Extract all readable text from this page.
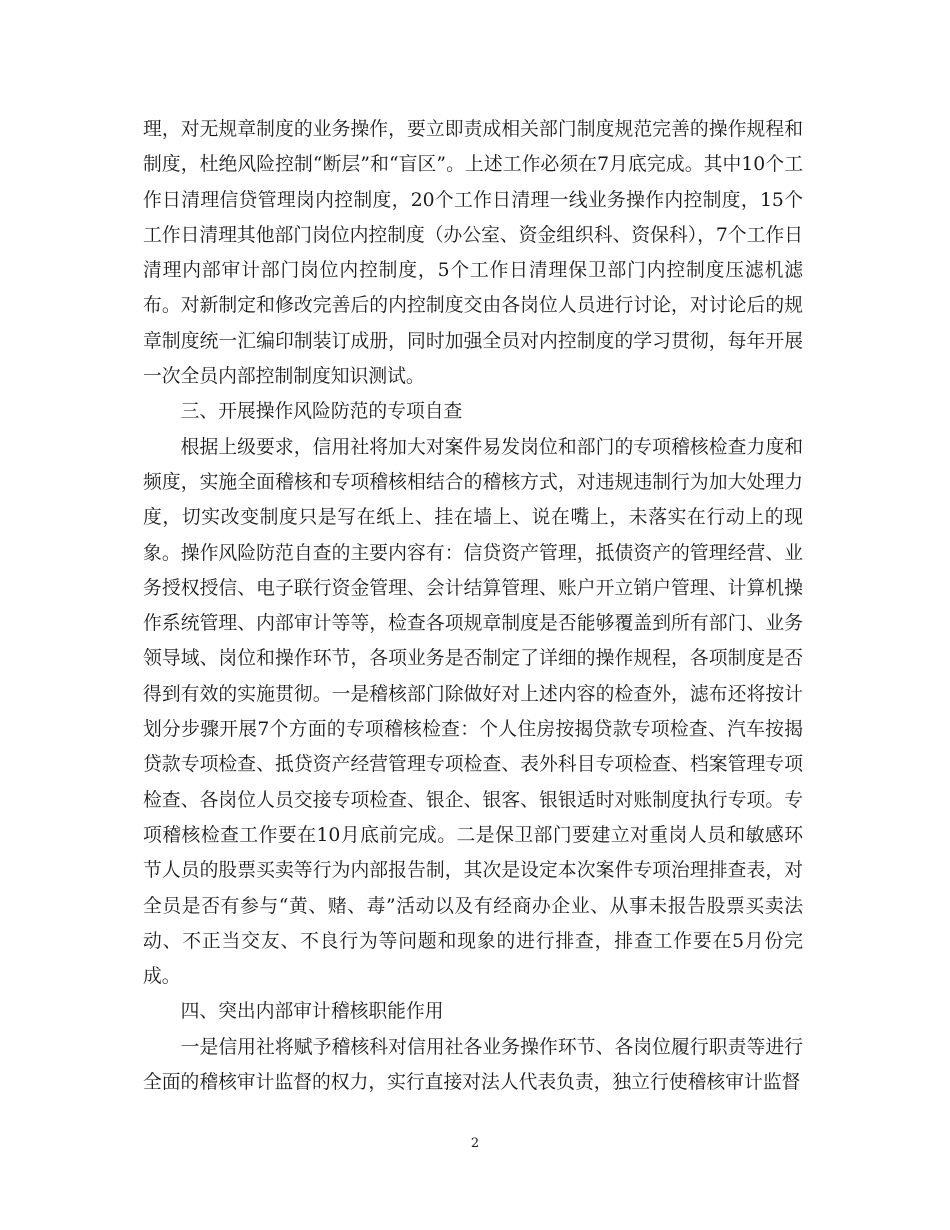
理，对无规章制度的业务操作，要立即责成相关部门制度规范完善的操作规程和制度，杜绝风险控制“断层”和“盲区”。上述工作必须在7月底完成。其中10个工作日清理信贷管理岗内控制度，20个工作日清理一线业务操作内控制度，15个工作日清理其他部门岗位内控制度（办公室、资金组织科、资保科），7个工作日清理内部审计部门岗位内控制度，5个工作日清理保卫部门内控制度压滤机滤布。对新制定和修改完善后的内控制度交由各岗位人员进行讨论，对讨论后的规章制度统一汇编印制装订成册，同时加强全员对内控制度的学习贯彻，每年开展一次全员内部控制制度知识测试。

三、开展操作风险防范的专项自查

根据上级要求，信用社将加大对案件易发岗位和部门的专项稽核检查力度和频度，实施全面稽核和专项稽核相结合的稽核方式，对违规违制行为加大处理力度，切实改变制度只是写在纸上、挂在墙上、说在嘴上，未落实在行动上的现象。操作风险防范自查的主要内容有：信贷资产管理，抵债资产的管理经营、业务授权授信、电子联行资金管理、会计结算管理、账户开立销户管理、计算机操作系统管理、内部审计等等，检查各项规章制度是否能够覆盖到所有部门、业务领导域、岗位和操作环节，各项业务是否制定了详细的操作规程，各项制度是否得到有效的实施贯彻。一是稽核部门除做好对上述内容的检查外，滤布还将按计划分步骤开展7个方面的专项稽核检查：个人住房按揭贷款专项检查、汽车按揭贷款专项检查、抵贷资产经营管理专项检查、表外科目专项检查、档案管理专项检查、各岗位人员交接专项检查、银企、银客、银银适时对账制度执行专项。专项稽核检查工作要在10月底前完成。二是保卫部门要建立对重岗人员和敏感环节人员的股票买卖等行为内部报告制，其次是设定本次案件专项治理排查表，对全员是否有参与“黄、赌、毒”活动以及有经商办企业、从事未报告股票买卖法动、不正当交友、不良行为等问题和现象的进行排查，排查工作要在5月份完成。

四、突出内部审计稽核职能作用

一是信用社将赋予稽核科对信用社各业务操作环节、各岗位履行职责等进行全面的稽核审计监督的权力，实行直接对法人代表负责，独立行使稽核审计监督

2
